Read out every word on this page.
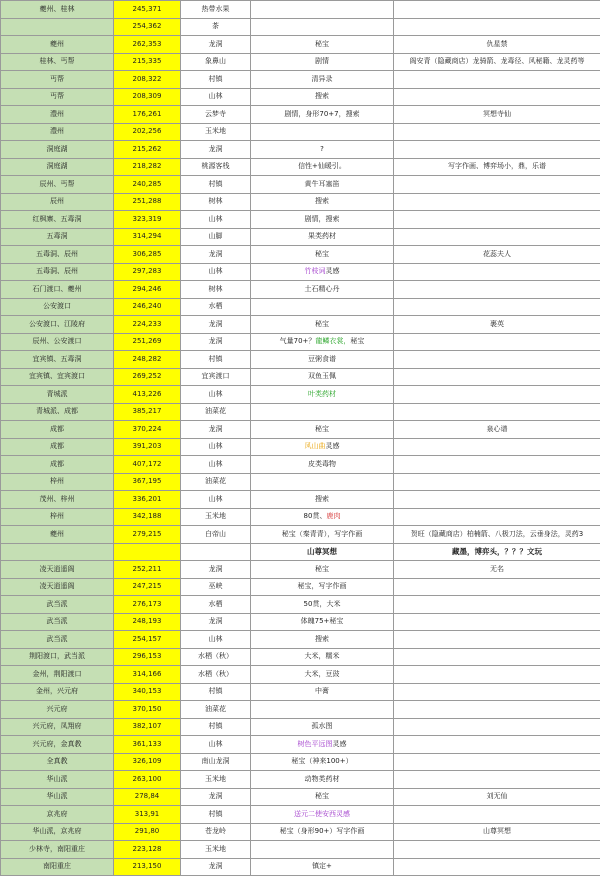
夔州、桂林	245,371	热带水果		
	254,362	茶		
夔州	262,353	龙洞	秘宝	仇星禁
桂林、丐帮	215,335	象鼻山	剧情	阁安青（隐藏商店）龙骑箭、龙毒径、风秘籍、龙灵药等
丐帮	208,322	村镇	清异录	
丐帮	208,309	山林	搜索	
澧州	176,261	云梦寺	剧情，身形70+7，搜索	冥想寺仙
澧州	202,256	玉米地		
洞庭湖	215,262	龙洞	?	
洞庭湖	218,282	桃源客栈	信性+仙暖引。	写字作画、博弈场小，鼎，乐谱
辰州、丐帮	240,285	村镇	黄牛耳塞笛	
辰州	251,288	树林	搜索	
红枫寨、五毒洞	323,319	山林	剧情，搜索	
五毒洞	314,294	山脚	果类药材	
五毒洞、辰州	306,285	龙洞	秘宝	花蕊夫人
五毒洞、辰州	297,283	山林	竹枝词灵感	
石门渡口、夔州	294,246	树林	土石精心丹	
公安渡口	246,240	水栖		
公安渡口、江陵府	224,233	龙洞	秘宝	裹英
辰州、公安渡口	251,269	龙洞	气量70+？龍鳞衣裳，秘宝	
宜宾镇、五毒洞	248,282	村镇	豆粥食谱	
宜宾镇、宜宾渡口	269,252	宜宾渡口	双鱼玉佩	
青城派	413,226	山林	叶类药材	
青城派、成都	385,217	油菜花		
成都	370,224	龙洞	秘宝	泉心谱
成都	391,203	山林	风山曲灵感	
成都	407,172	山林	皮类毒物	
梓州	367,195	油菜花		
茂州、梓州	336,201	山林	搜索	
梓州	342,188	玉米地	80贯、鹿肉	
夔州	279,215	白帝山	秘宝（秦青青），写字作画	贺旺（隐藏商店）柏楠箭、八极刀法，云垂身法，灵药3
			山尊冥想	藏墨，博弈头，？？？文玩
凌天逍遥阁	252,211	龙洞	秘宝	无名
凌天逍遥阁	247,215	巫峡	秘宝，写字作画	
武当派	276,173	水栖	50贯，大米	
武当派	248,193	龙洞	体魄75+秘宝	
武当派	254,157	山林	搜索	
荆阳渡口，武当派	296,153	水栖（秋）	大米，糯米	
金州，荆阳渡口	314,166	水栖（秋）	大米，豆豉	
金州，兴元府	340,153	村镇	中膏	
兴元府	370,150	油菜花		
兴元府，凤翔府	382,107	村镇	孤水图	
兴元府，金真教	361,133	山林	树色平远图灵感	
全真教	326,109	南山龙洞	秘宝（神来100+）	
华山派	263,100	玉米地	动物类药材	
华山派	278,84	龙洞	秘宝	刘无仙
京兆府	313,91	村镇	送元二使安西灵感	
华山派，京兆府	291,80	苍龙岭	秘宝（身形90+）写字作画	山尊冥想
少林寺，南阳重庄	223,128	玉米地		
南阳重庄	213,150	龙洞	镇定+	
